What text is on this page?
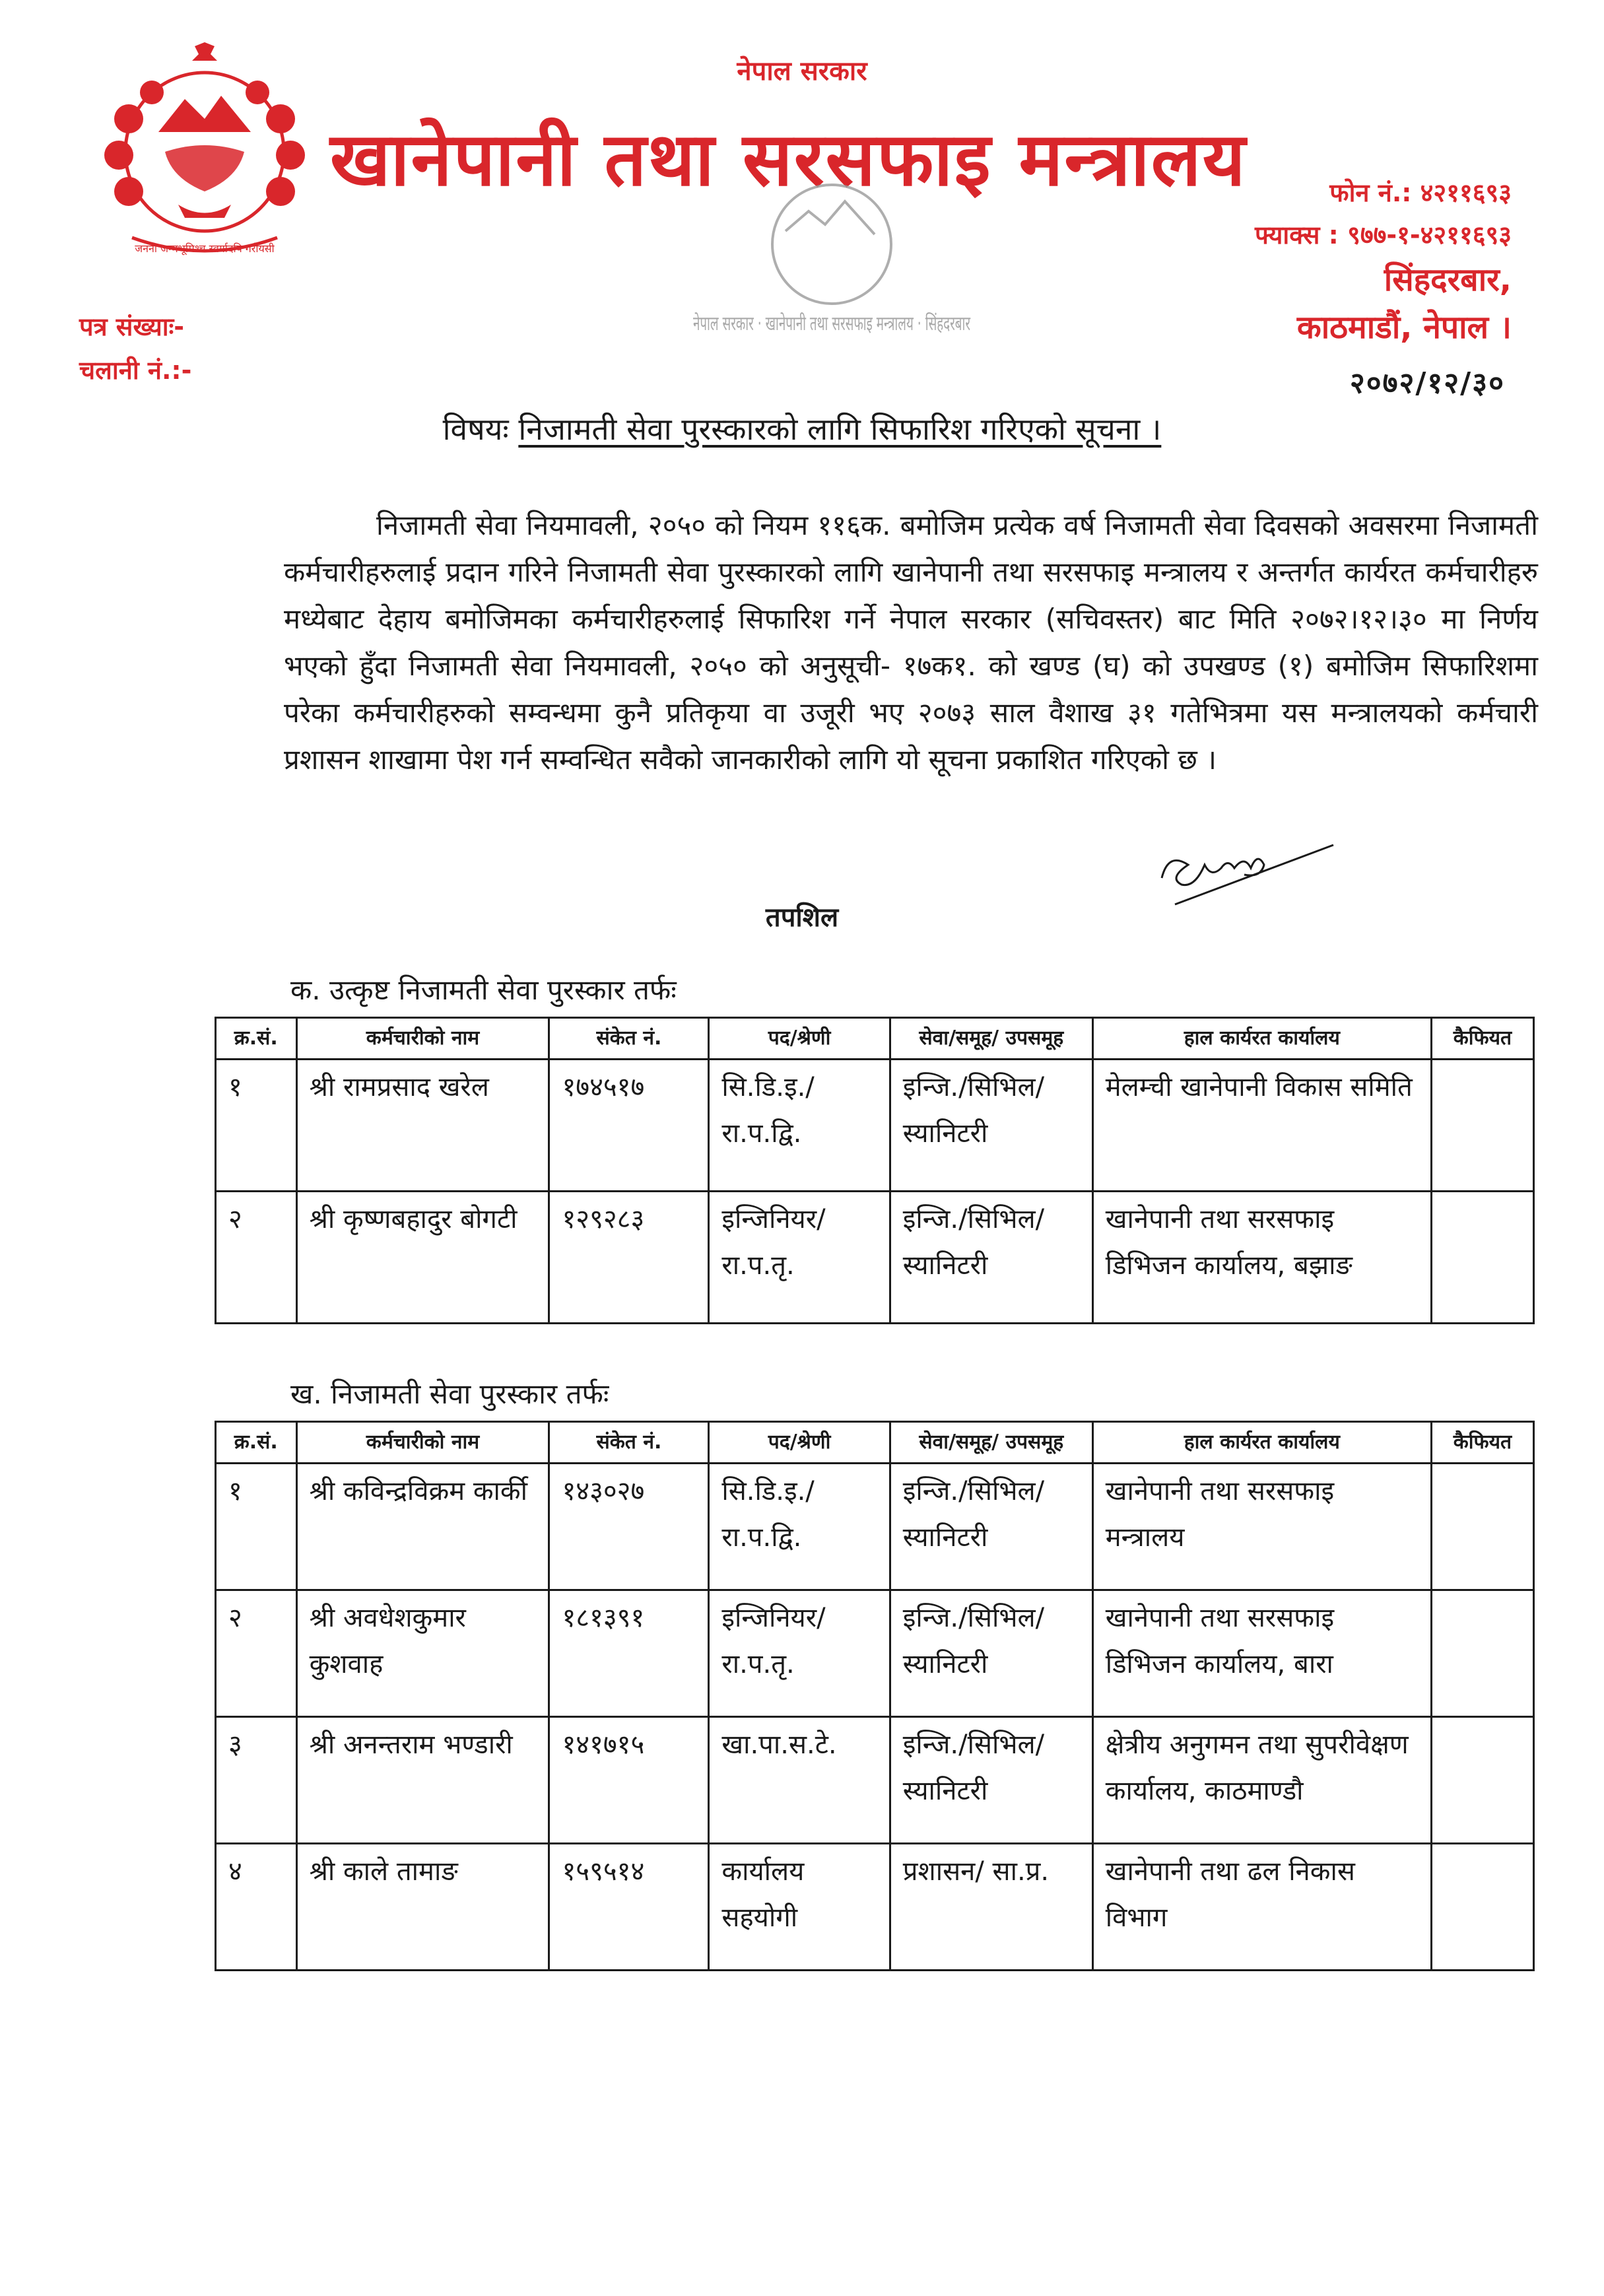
जननी जन्मभूमिश्च स्वर्गादपि गरीयसी
नेपाल सरकार
खानेपानी तथा सरसफाइ मन्त्रालय
नेपाल सरकार · खानेपानी तथा सरसफाइ मन्त्रालय · सिंहदरबार
फोन नं.: ४२११६९३
फ्याक्स : ९७७-१-४२११६९३
सिंहदरबार,
काठमाडौं, नेपाल ।
पत्र संख्याः-
चलानी नं.:-	२०७२/१२/३०
विषयः निजामती सेवा पुरस्कारको लागि सिफारिश गरिएको सूचना ।

निजामती सेवा नियमावली, २०५० को नियम ११६क. बमोजिम प्रत्येक वर्ष निजामती सेवा दिवसको अवसरमा निजामती कर्मचारीहरुलाई प्रदान गरिने निजामती सेवा पुरस्कारको लागि खानेपानी तथा सरसफाइ मन्त्रालय र अन्तर्गत कार्यरत कर्मचारीहरु मध्येबाट देहाय बमोजिमका कर्मचारीहरुलाई सिफारिश गर्ने नेपाल सरकार (सचिवस्तर) बाट मिति २०७२।१२।३० मा निर्णय भएको हुँदा निजामती सेवा नियमावली, २०५० को अनुसूची- १७क१. को खण्ड (घ) को उपखण्ड (१) बमोजिम सिफारिशमा परेका कर्मचारीहरुको सम्वन्धमा कुनै प्रतिकृया वा उजूरी भए २०७३ साल वैशाख ३१ गतेभित्रमा यस मन्त्रालयको कर्मचारी प्रशासन शाखामा पेश गर्न सम्वन्धित सवैको जानकारीको लागि यो सूचना प्रकाशित गरिएको छ ।

तपशिल
क. उत्कृष्ट निजामती सेवा पुरस्कार तर्फः
क्र.सं.	कर्मचारीको नाम	संकेत नं.	पद/श्रेणी	सेवा/समूह/ उपसमूह	हाल कार्यरत कार्यालय	कैफियत
१	श्री रामप्रसाद खरेल	१७४५१७	सि.डि.इ./ रा.प.द्वि.	इन्जि./सिभिल/ स्यानिटरी	मेलम्ची खानेपानी विकास समिति	
२	श्री कृष्णबहादुर बोगटी	१२९२८३	इन्जिनियर/ रा.प.तृ.	इन्जि./सिभिल/ स्यानिटरी	खानेपानी तथा सरसफाइ डिभिजन कार्यालय, बझाङ	
ख. निजामती सेवा पुरस्कार तर्फः
क्र.सं.	कर्मचारीको नाम	संकेत नं.	पद/श्रेणी	सेवा/समूह/ उपसमूह	हाल कार्यरत कार्यालय	कैफियत
१	श्री कविन्द्रविक्रम कार्की	१४३०२७	सि.डि.इ./ रा.प.द्वि.	इन्जि./सिभिल/ स्यानिटरी	खानेपानी तथा सरसफाइ मन्त्रालय	
२	श्री अवधेशकुमार कुशवाह	१८१३९१	इन्जिनियर/ रा.प.तृ.	इन्जि./सिभिल/ स्यानिटरी	खानेपानी तथा सरसफाइ डिभिजन कार्यालय, बारा	
३	श्री अनन्तराम भण्डारी	१४१७१५	खा.पा.स.टे.	इन्जि./सिभिल/ स्यानिटरी	क्षेत्रीय अनुगमन तथा सुपरीवेक्षण कार्यालय, काठमाण्डौ	
४	श्री काले तामाङ	१५९५१४	कार्यालय सहयोगी	प्रशासन/ सा.प्र.	खानेपानी तथा ढल निकास विभाग	
